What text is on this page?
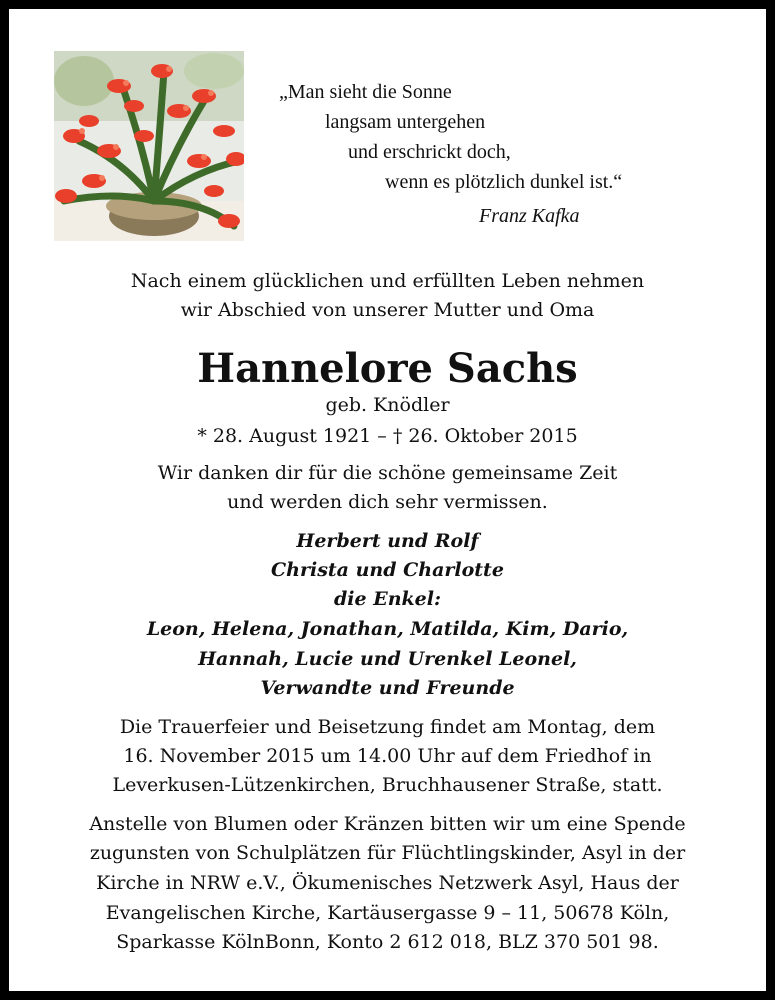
„Man sieht die Sonne
langsam untergehen
und erschrickt doch,
wenn es plötzlich dunkel ist.“
Franz Kafka
Nach einem glücklichen und erfüllten Leben nehmen
wir Abschied von unserer Mutter und Oma
Hannelore Sachs
geb. Knödler
* 28. August 1921 – † 26. Oktober 2015
Wir danken dir für die schöne gemeinsame Zeit
und werden dich sehr vermissen.
Herbert und Rolf
Christa und Charlotte
die Enkel:
Leon, Helena, Jonathan, Matilda, Kim, Dario,
Hannah, Lucie und Urenkel Leonel,
Verwandte und Freunde
Die Trauerfeier und Beisetzung findet am Montag, dem
16. November 2015 um 14.00 Uhr auf dem Friedhof in
Leverkusen-Lützenkirchen, Bruchhausener Straße, statt.
Anstelle von Blumen oder Kränzen bitten wir um eine Spende
zugunsten von Schulplätzen für Flüchtlingskinder, Asyl in der
Kirche in NRW e.V., Ökumenisches Netzwerk Asyl, Haus der
Evangelischen Kirche, Kartäusergasse 9 – 11, 50678 Köln,
Sparkasse KölnBonn, Konto 2 612 018, BLZ 370 501 98.
